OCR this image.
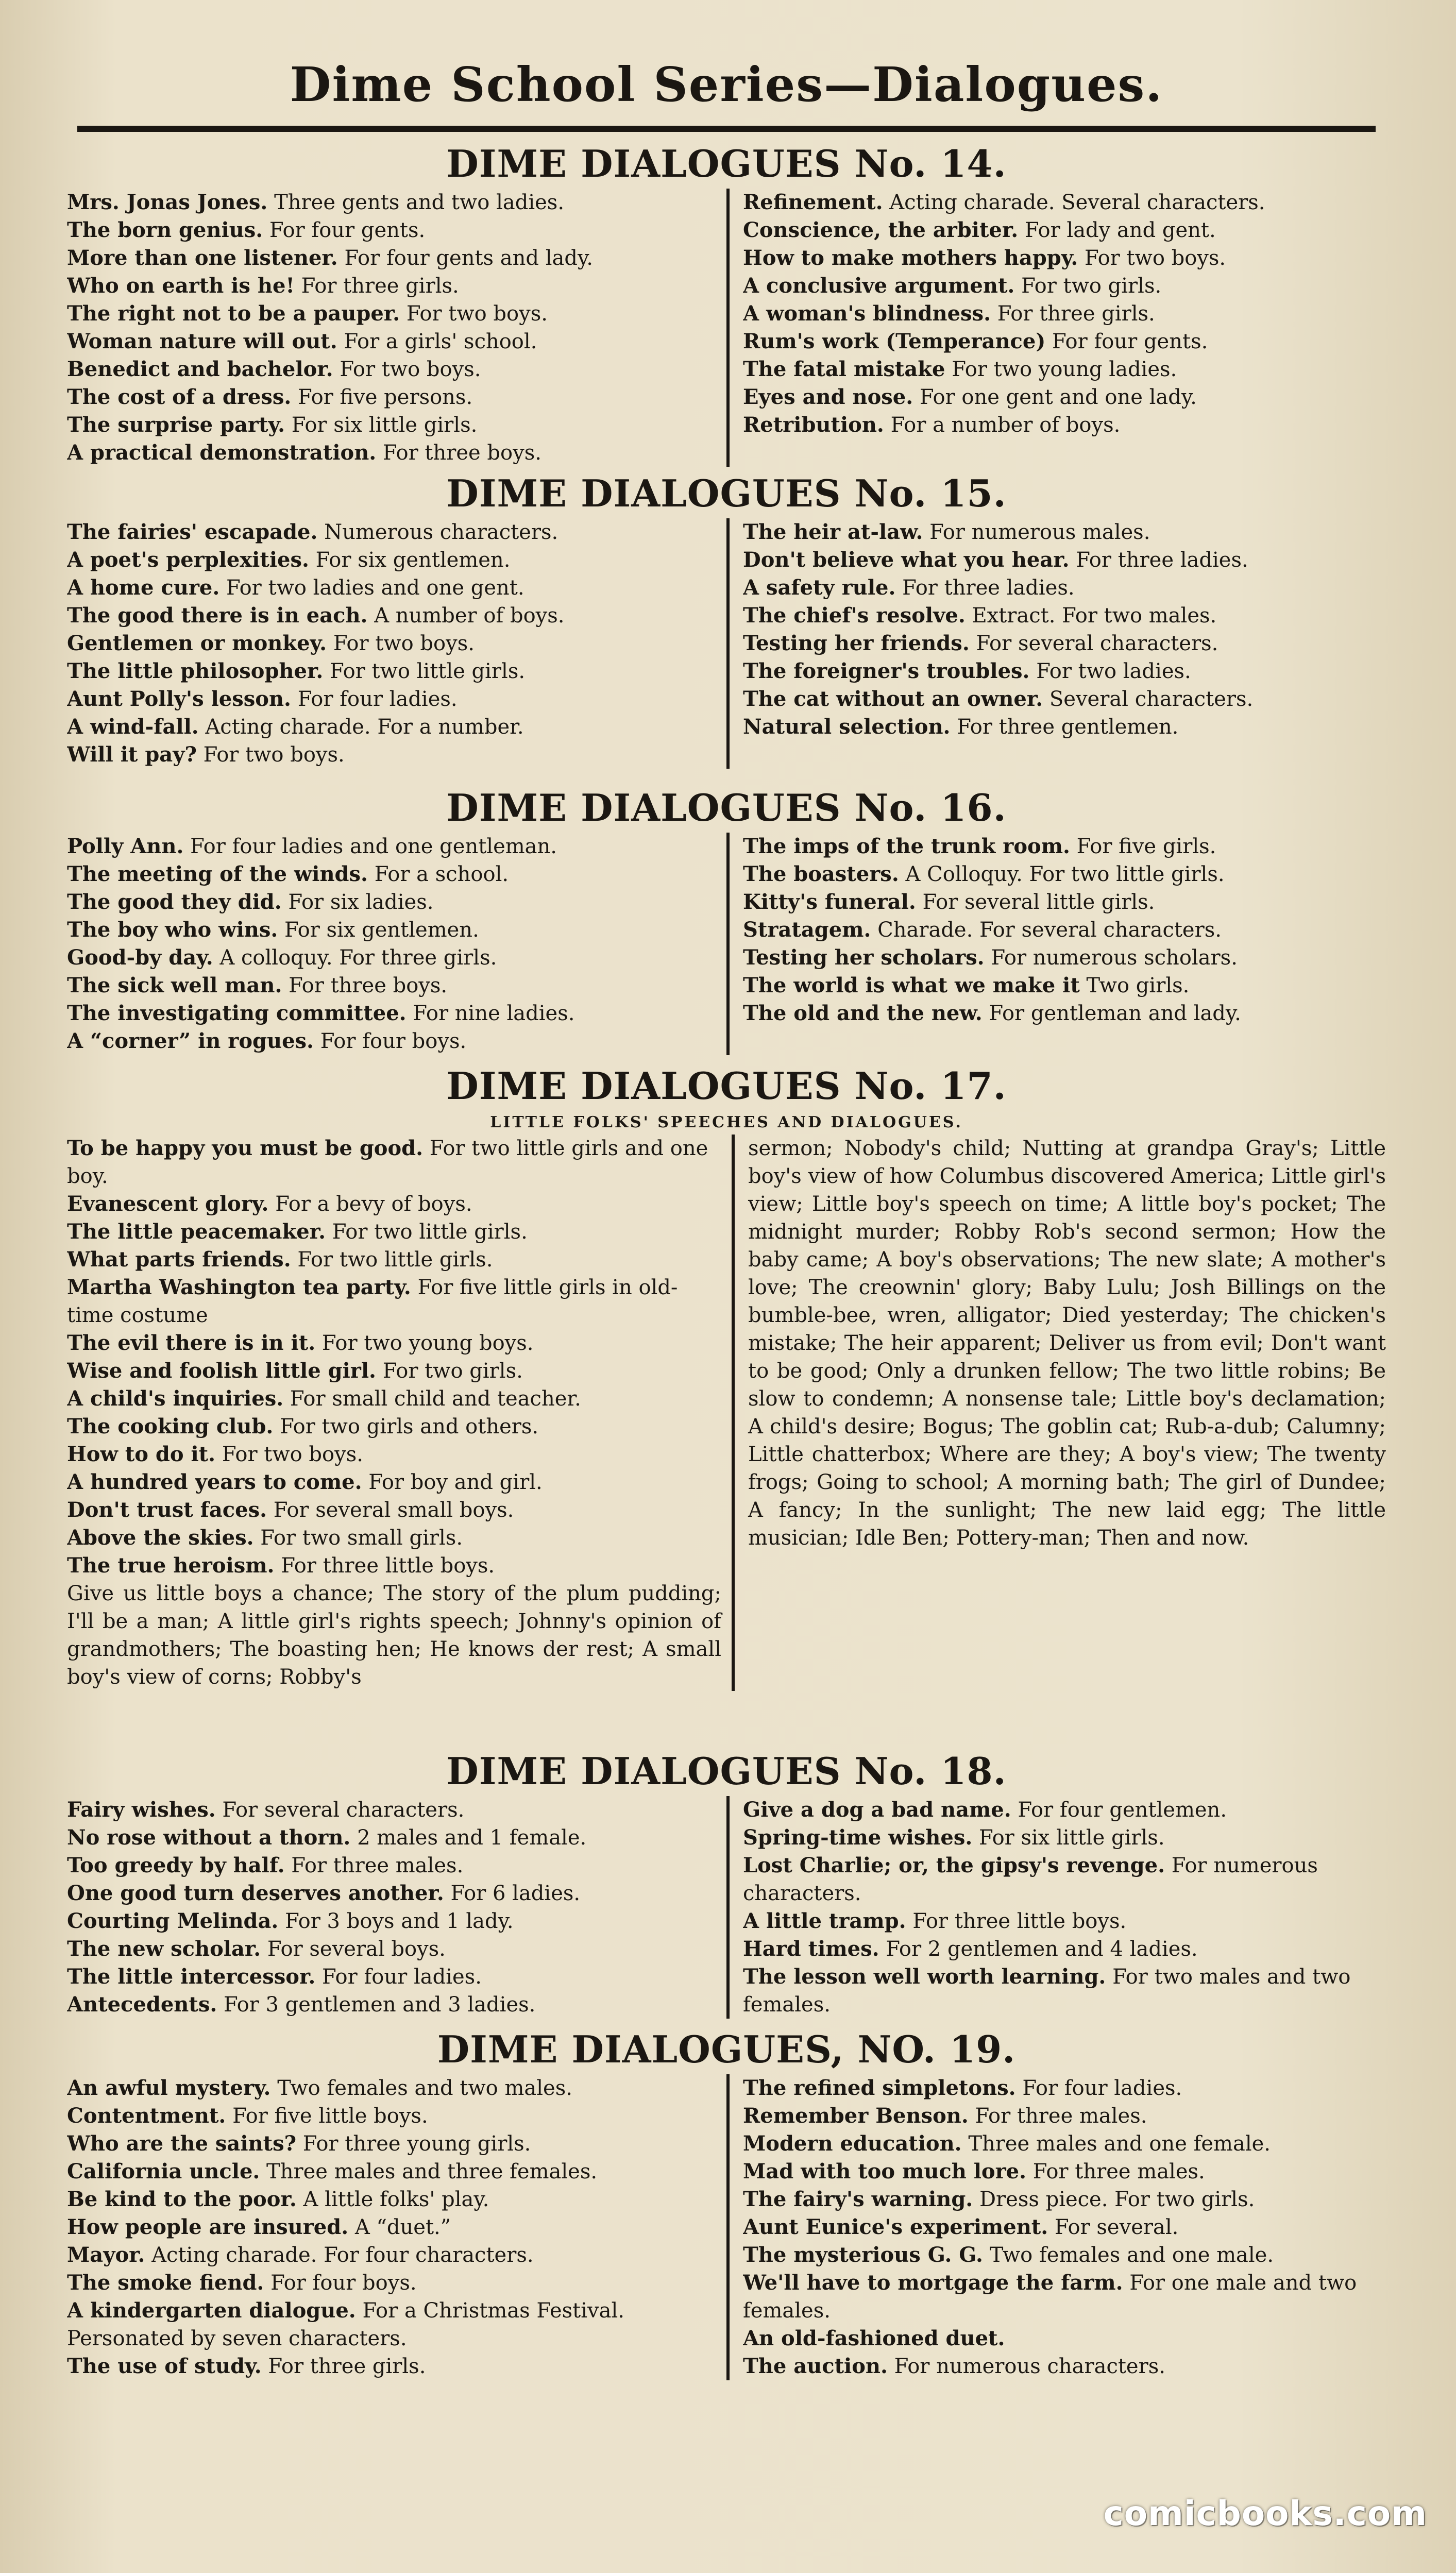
Dime School Series—Dialogues.
DIME DIALOGUES No. 14.
Mrs. Jonas Jones. Three gents and two ladies.
The born genius. For four gents.
More than one listener. For four gents and lady.
Who on earth is he! For three girls.
The right not to be a pauper. For two boys.
Woman nature will out. For a girls' school.
Benedict and bachelor. For two boys.
The cost of a dress. For five persons.
The surprise party. For six little girls.
A practical demonstration. For three boys.
Refinement. Acting charade. Several characters.
Conscience, the arbiter. For lady and gent.
How to make mothers happy. For two boys.
A conclusive argument. For two girls.
A woman's blindness. For three girls.
Rum's work (Temperance) For four gents.
The fatal mistake For two young ladies.
Eyes and nose. For one gent and one lady.
Retribution. For a number of boys.
DIME DIALOGUES No. 15.
The fairies' escapade. Numerous characters.
A poet's perplexities. For six gentlemen.
A home cure. For two ladies and one gent.
The good there is in each. A number of boys.
Gentlemen or monkey. For two boys.
The little philosopher. For two little girls.
Aunt Polly's lesson. For four ladies.
A wind-fall. Acting charade. For a number.
Will it pay? For two boys.
The heir at-law. For numerous males.
Don't believe what you hear. For three ladies.
A safety rule. For three ladies.
The chief's resolve. Extract. For two males.
Testing her friends. For several characters.
The foreigner's troubles. For two ladies.
The cat without an owner. Several characters.
Natural selection. For three gentlemen.
DIME DIALOGUES No. 16.
Polly Ann. For four ladies and one gentleman.
The meeting of the winds. For a school.
The good they did. For six ladies.
The boy who wins. For six gentlemen.
Good-by day. A colloquy. For three girls.
The sick well man. For three boys.
The investigating committee. For nine ladies.
A “corner” in rogues. For four boys.
The imps of the trunk room. For five girls.
The boasters. A Colloquy. For two little girls.
Kitty's funeral. For several little girls.
Stratagem. Charade. For several characters.
Testing her scholars. For numerous scholars.
The world is what we make it Two girls.
The old and the new. For gentleman and lady.
DIME DIALOGUES No. 17.
LITTLE FOLKS' SPEECHES AND DIALOGUES.
To be happy you must be good. For two little girls and one boy.
Evanescent glory. For a bevy of boys.
The little peacemaker. For two little girls.
What parts friends. For two little girls.
Martha Washington tea party. For five little girls in old-time costume
The evil there is in it. For two young boys.
Wise and foolish little girl. For two girls.
A child's inquiries. For small child and teacher.
The cooking club. For two girls and others.
How to do it. For two boys.
A hundred years to come. For boy and girl.
Don't trust faces. For several small boys.
Above the skies. For two small girls.
The true heroism. For three little boys.

Give us little boys a chance; The story of the plum pudding; I'll be a man; A little girl's rights speech; Johnny's opinion of grandmothers; The boasting hen; He knows der rest; A small boy's view of corns; Robby's

sermon; Nobody's child; Nutting at grandpa Gray's; Little boy's view of how Columbus discovered America; Little girl's view; Little boy's speech on time; A little boy's pocket; The midnight murder; Robby Rob's second sermon; How the baby came; A boy's observations; The new slate; A mother's love; The creownin' glory; Baby Lulu; Josh Billings on the bumble-bee, wren, alligator; Died yesterday; The chicken's mistake; The heir apparent; Deliver us from evil; Don't want to be good; Only a drunken fellow; The two little robins; Be slow to condemn; A nonsense tale; Little boy's declamation; A child's desire; Bogus; The goblin cat; Rub-a-dub; Calumny; Little chatterbox; Where are they; A boy's view; The twenty frogs; Going to school; A morning bath; The girl of Dundee; A fancy; In the sunlight; The new laid egg; The little musician; Idle Ben; Pottery-man; Then and now.

DIME DIALOGUES No. 18.
Fairy wishes. For several characters.
No rose without a thorn. 2 males and 1 female.
Too greedy by half. For three males.
One good turn deserves another. For 6 ladies.
Courting Melinda. For 3 boys and 1 lady.
The new scholar. For several boys.
The little intercessor. For four ladies.
Antecedents. For 3 gentlemen and 3 ladies.
Give a dog a bad name. For four gentlemen.
Spring-time wishes. For six little girls.
Lost Charlie; or, the gipsy's revenge. For numerous characters.
A little tramp. For three little boys.
Hard times. For 2 gentlemen and 4 ladies.
The lesson well worth learning. For two males and two females.
DIME DIALOGUES, NO. 19.
An awful mystery. Two females and two males.
Contentment. For five little boys.
Who are the saints? For three young girls.
California uncle. Three males and three females.
Be kind to the poor. A little folks' play.
How people are insured. A “duet.”
Mayor. Acting charade. For four characters.
The smoke fiend. For four boys.
A kindergarten dialogue. For a Christmas Festival. Personated by seven characters.
The use of study. For three girls.
The refined simpletons. For four ladies.
Remember Benson. For three males.
Modern education. Three males and one female.
Mad with too much lore. For three males.
The fairy's warning. Dress piece. For two girls.
Aunt Eunice's experiment. For several.
The mysterious G. G. Two females and one male.
We'll have to mortgage the farm. For one male and two females.
An old-fashioned duet.
The auction. For numerous characters.
comicbooks.com
